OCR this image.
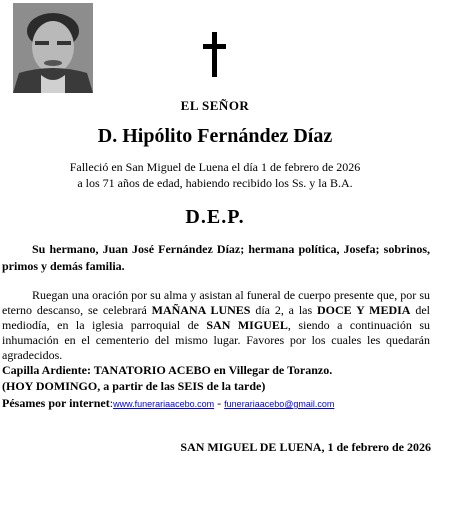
EL SEÑOR
D. Hipólito Fernández Díaz
Falleció en San Miguel de Luena el día 1 de febrero de 2026
a los 71 años de edad, habiendo recibido los Ss. y la B.A.
D.E.P.
Su hermano, Juan José Fernández Díaz; hermana política, Josefa; sobrinos, primos y demás familia.
Ruegan una oración por su alma y asistan al funeral de cuerpo presente que, por su eterno descanso, se celebrará MAÑANA LUNES día 2, a las DOCE Y MEDIA del mediodía, en la iglesia parroquial de SAN MIGUEL, siendo a continuación su inhumación en el cementerio del mismo lugar. Favores por los cuales les quedarán agradecidos.
Capilla Ardiente: TANATORIO ACEBO en Villegar de Toranzo.
(HOY DOMINGO, a partir de las SEIS de la tarde)
Pésames por internet:www.funerariaacebo.com - funerariaacebo@gmail.com
SAN MIGUEL DE LUENA, 1 de febrero de 2026
